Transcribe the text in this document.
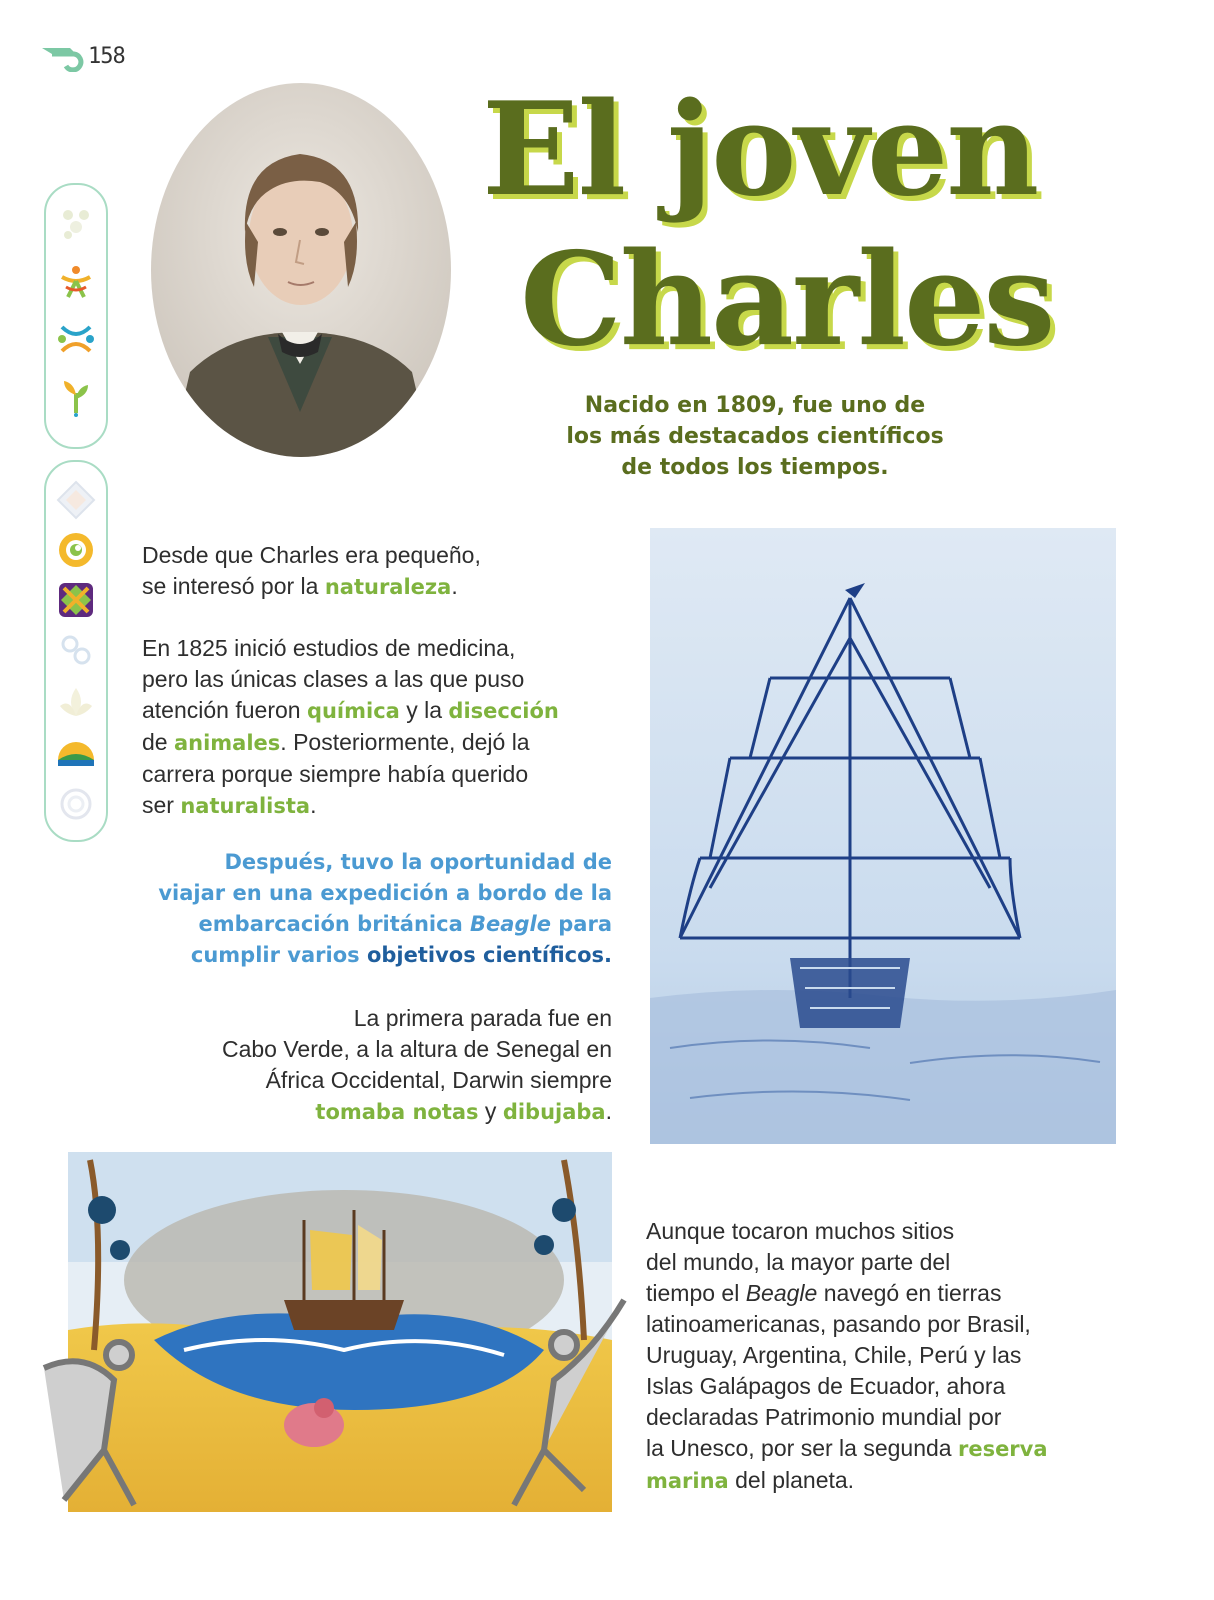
158
El joven
Charles
Nacido en 1809, fue uno de
los más destacados científicos
de todos los tiempos.
Desde que Charles era pequeño,
se interesó por la naturaleza.
En 1825 inició estudios de medicina,
pero las únicas clases a las que puso
atención fueron química y la disección
de animales. Posteriormente, dejó la
carrera porque siempre había querido
ser naturalista.
Después, tuvo la oportunidad de
viajar en una expedición a bordo de la
embarcación británica Beagle para
cumplir varios objetivos científicos.
La primera parada fue en
Cabo Verde, a la altura de Senegal en
África Occidental, Darwin siempre
tomaba notas y dibujaba.
Aunque tocaron muchos sitios
del mundo, la mayor parte del
tiempo el Beagle navegó en tierras
latinoamericanas, pasando por Brasil,
Uruguay, Argentina, Chile, Perú y las
Islas Galápagos de Ecuador, ahora
declaradas Patrimonio mundial por
la Unesco, por ser la segunda reserva
marina del planeta.
